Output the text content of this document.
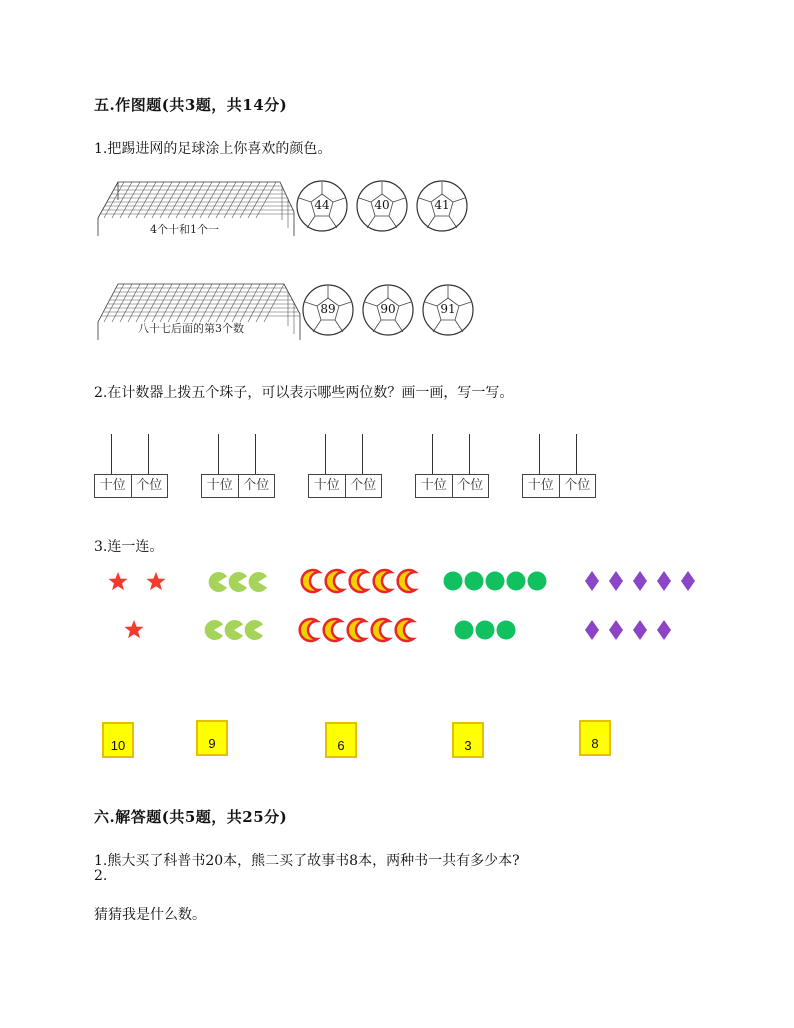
五.作图题(共3题，共14分)
1.把踢进网的足球涂上你喜欢的颜色。
4个十和1个一
44	40	41
八十七后面的第3个数
89	90	91
2.在计数器上拨五个珠子，可以表示哪些两位数？画一画，写一写。
十位 个位	十位 个位	十位 个位	十位 个位	十位 个位
3.连一连。
10	9	6	3	8
六.解答题(共5题，共25分)
1.熊大买了科普书20本，熊二买了故事书8本，两种书一共有多少本?
2.
猜猜我是什么数。
